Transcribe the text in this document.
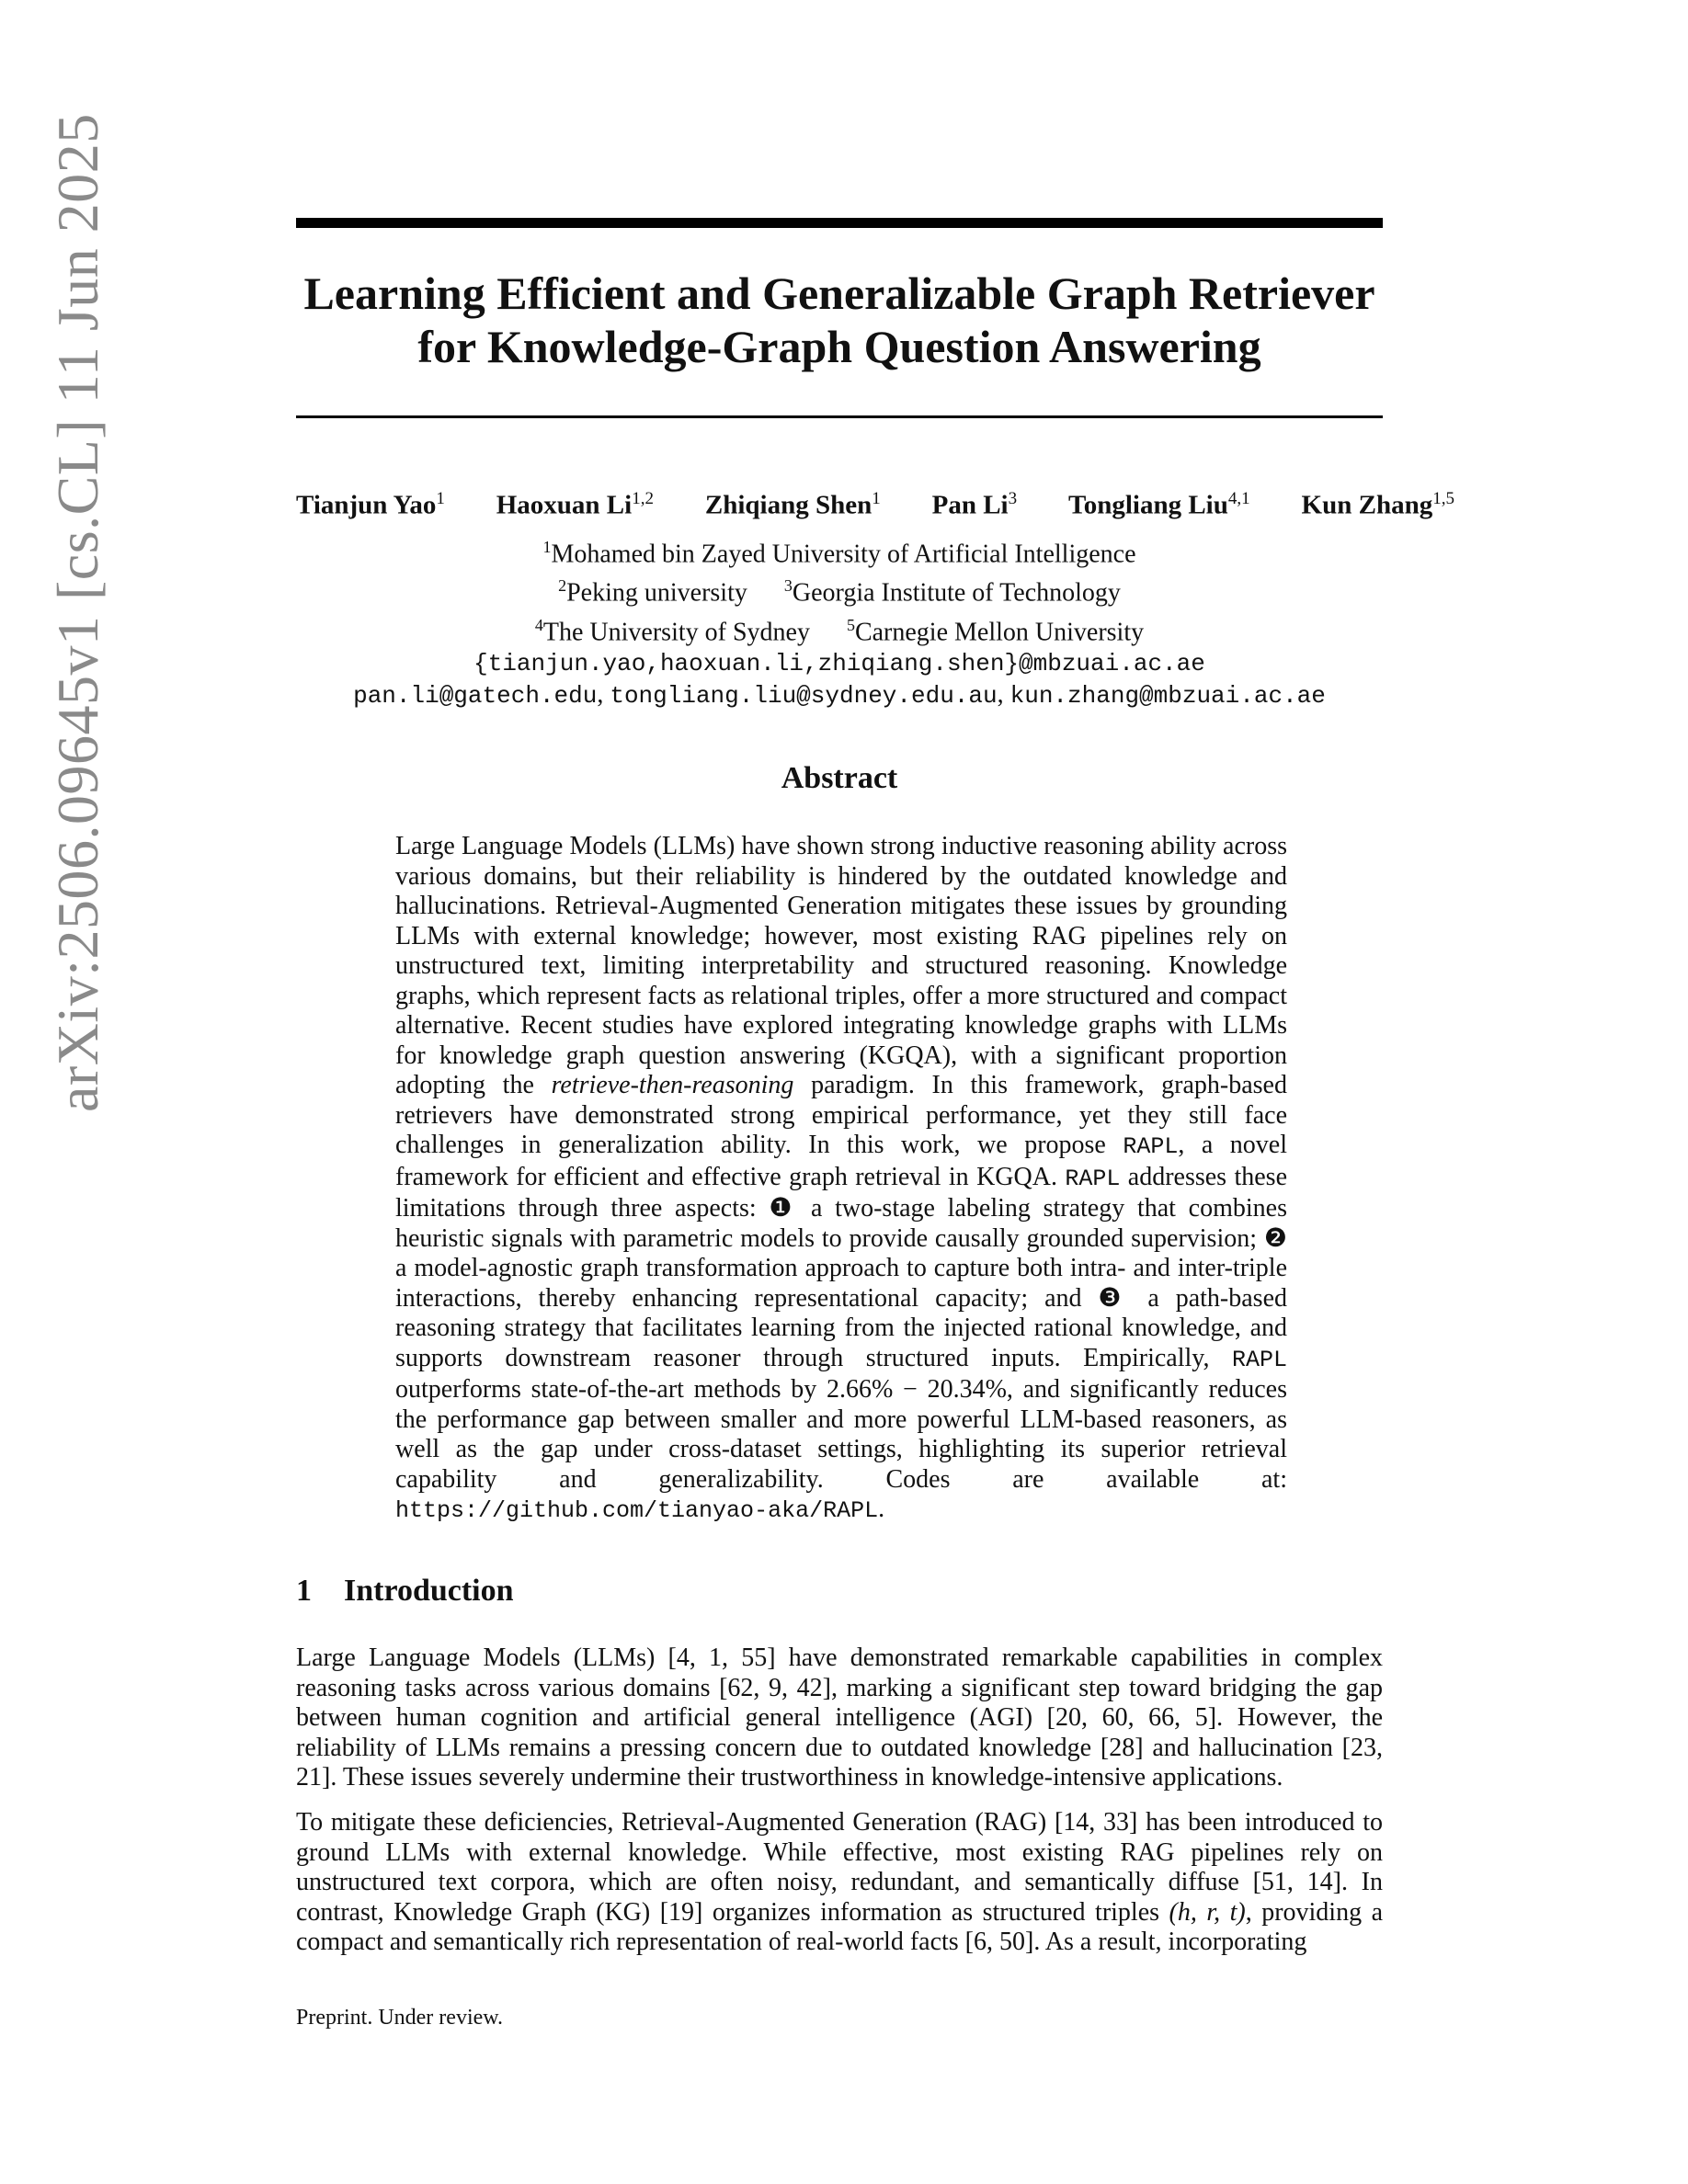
arXiv:2506.09645v1 [cs.CL] 11 Jun 2025	Learning Efficient and Generalizable Graph Retriever
for Knowledge-Graph Question Answering
Tianjun Yao$^1$ Haoxuan Li$^{1,2}$ Zhiqiang Shen$^1$ Pan Li$^3$ Tongliang Liu$^{4,1}$ Kun Zhang$^{1,5}$
$^1$Mohamed bin Zayed University of Artificial Intelligence
$^2$Peking university $^3$Georgia Institute of Technology
$^4$The University of Sydney $^5$Carnegie Mellon University
{tianjun.yao,haoxuan.li,zhiqiang.shen}@mbzuai.ac.ae
pan.li@gatech.edu, tongliang.liu@sydney.edu.au, kun.zhang@mbzuai.ac.ae
Abstract
Large Language Models (LLMs) have shown strong inductive reasoning ability across various domains, but their reliability is hindered by the outdated knowledge and hallucinations. Retrieval-Augmented Generation mitigates these issues by grounding LLMs with external knowledge; however, most existing RAG pipelines rely on unstructured text, limiting interpretability and structured reasoning. Knowledge graphs, which represent facts as relational triples, offer a more structured and compact alternative. Recent studies have explored integrating knowledge graphs with LLMs for knowledge graph question answering (KGQA), with a significant proportion adopting the retrieve-then-reasoning paradigm. In this framework, graph-based retrievers have demonstrated strong empirical performance, yet they still face challenges in generalization ability. In this work, we propose RAPL, a novel framework for efficient and effective graph retrieval in KGQA. RAPL addresses these limitations through three aspects: ❶ a two-stage labeling strategy that combines heuristic signals with parametric models to provide causally grounded supervision; ❷ a model-agnostic graph transformation approach to capture both intra- and inter-triple interactions, thereby enhancing representational capacity; and ❸ a path-based reasoning strategy that facilitates learning from the injected rational knowledge, and supports downstream reasoner through structured inputs. Empirically, RAPL outperforms state-of-the-art methods by 2.66% − 20.34%, and significantly reduces the performance gap between smaller and more powerful LLM-based reasoners, as well as the gap under cross-dataset settings, highlighting its superior retrieval capability and generalizability. Codes are available at: https://github.com/tianyao-aka/RAPL.
1 Introduction
Large Language Models (LLMs) [4, 1, 55] have demonstrated remarkable capabilities in complex reasoning tasks across various domains [62, 9, 42], marking a significant step toward bridging the gap between human cognition and artificial general intelligence (AGI) [20, 60, 66, 5]. However, the reliability of LLMs remains a pressing concern due to outdated knowledge [28] and hallucination [23, 21]. These issues severely undermine their trustworthiness in knowledge-intensive applications.
To mitigate these deficiencies, Retrieval-Augmented Generation (RAG) [14, 33] has been introduced to ground LLMs with external knowledge. While effective, most existing RAG pipelines rely on unstructured text corpora, which are often noisy, redundant, and semantically diffuse [51, 14]. In contrast, Knowledge Graph (KG) [19] organizes information as structured triples (h, r, t), providing a compact and semantically rich representation of real-world facts [6, 50]. As a result, incorporating
Preprint. Under review.
